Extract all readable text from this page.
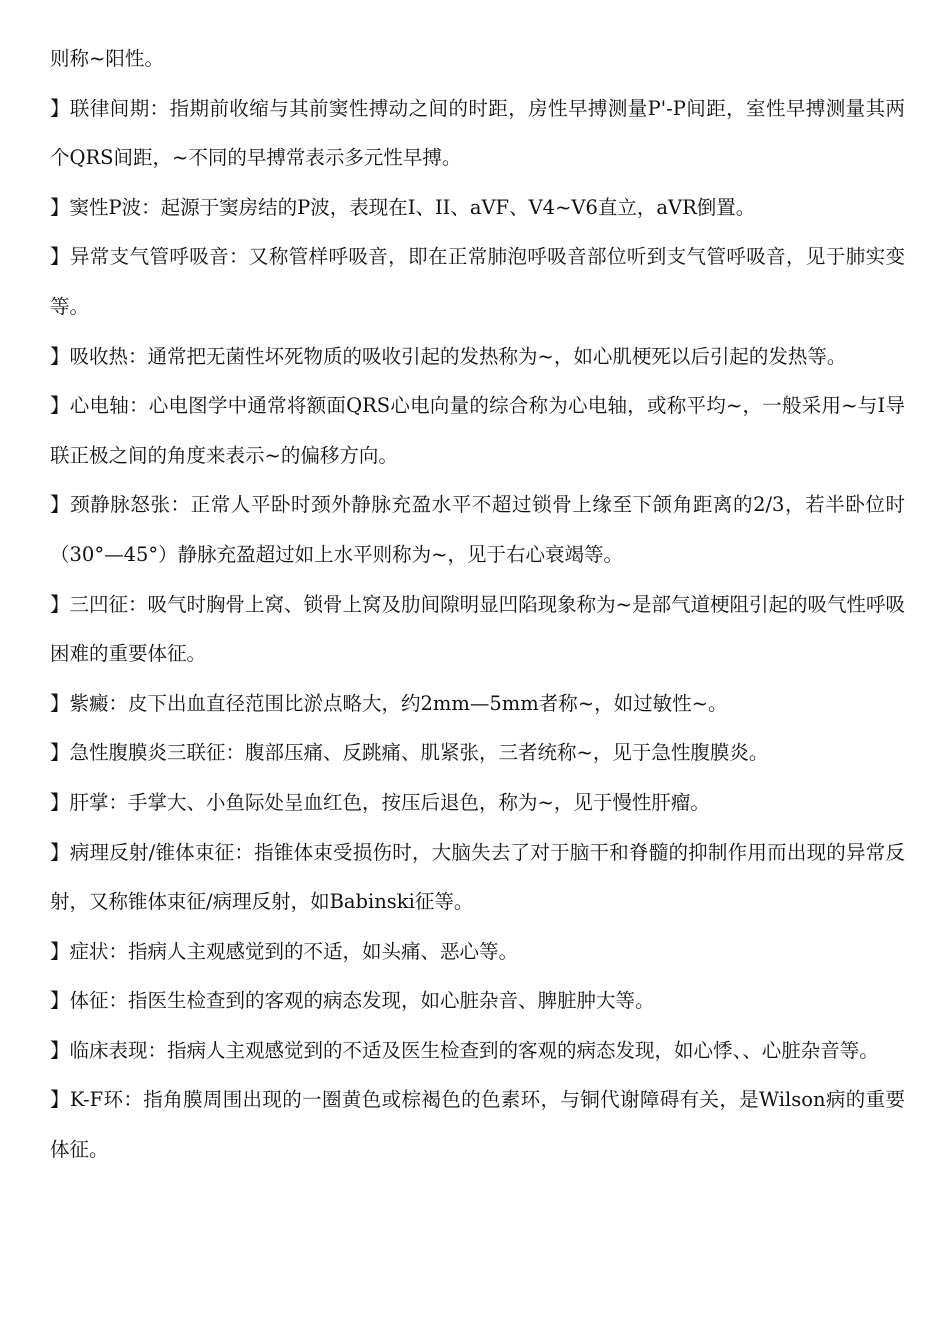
则称~阳性。

】联律间期：指期前收缩与其前窦性搏动之间的时距，房性早搏测量P'-P间距，室性早搏测量其两个QRS间距，~不同的早搏常表示多元性早搏。

】窦性P波：起源于窦房结的P波，表现在I、II、aVF、V4~V6直立，aVR倒置。

】异常支气管呼吸音：又称管样呼吸音，即在正常肺泡呼吸音部位听到支气管呼吸音，见于肺实变等。

】吸收热：通常把无菌性坏死物质的吸收引起的发热称为~，如心肌梗死以后引起的发热等。

】心电轴：心电图学中通常将额面QRS心电向量的综合称为心电轴，或称平均~，一般采用~与I导联正极之间的角度来表示~的偏移方向。

】颈静脉怒张：正常人平卧时颈外静脉充盈水平不超过锁骨上缘至下颌角距离的2/3，若半卧位时（30°—45°）静脉充盈超过如上水平则称为~，见于右心衰竭等。

】三凹征：吸气时胸骨上窝、锁骨上窝及肋间隙明显凹陷现象称为~是部气道梗阻引起的吸气性呼吸困难的重要体征。

】紫癜：皮下出血直径范围比淤点略大，约2mm—5mm者称~，如过敏性~。

】急性腹膜炎三联征：腹部压痛、反跳痛、肌紧张，三者统称~，见于急性腹膜炎。

】肝掌：手掌大、小鱼际处呈血红色，按压后退色，称为~，见于慢性肝瘤。

】病理反射/锥体束征：指锥体束受损伤时，大脑失去了对于脑干和脊髓的抑制作用而出现的异常反射，又称锥体束征/病理反射，如Babinski征等。

】症状：指病人主观感觉到的不适，如头痛、恶心等。

】体征：指医生检查到的客观的病态发现，如心脏杂音、脾脏肿大等。

】临床表现：指病人主观感觉到的不适及医生检查到的客观的病态发现，如心悸、、心脏杂音等。

】K-F环：指角膜周围出现的一圈黄色或棕褐色的色素环，与铜代谢障碍有关，是Wilson病的重要体征。
